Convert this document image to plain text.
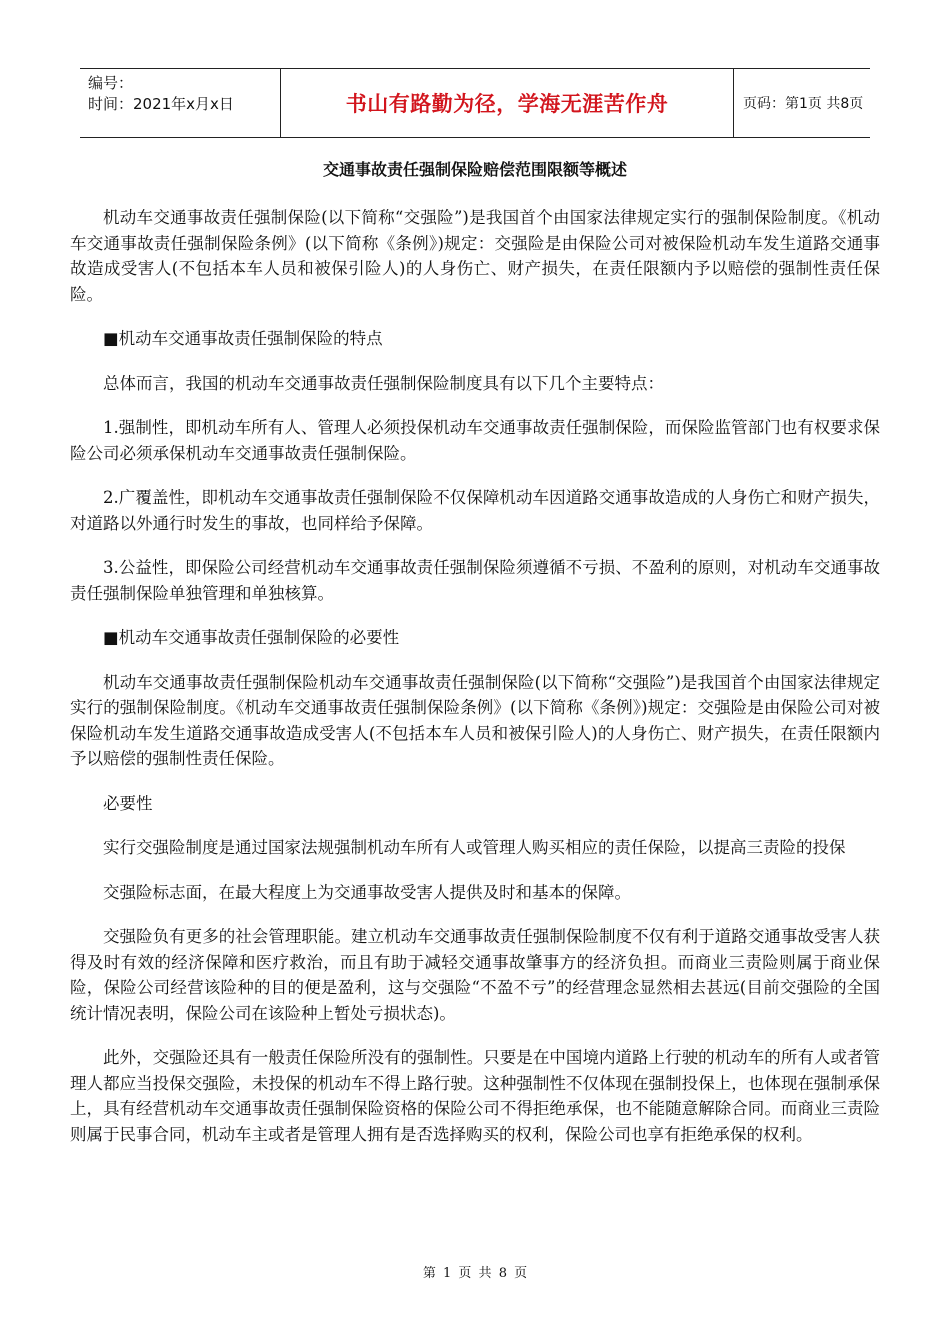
编号：
时间：2021年x月x日	书山有路勤为径，学海无涯苦作舟	页码：第1页 共8页
交通事故责任强制保险赔偿范围限额等概述

机动车交通事故责任强制保险(以下简称“交强险”)是我国首个由国家法律规定实行的强制保险制度。《机动车交通事故责任强制保险条例》(以下简称《条例》)规定：交强险是由保险公司对被保险机动车发生道路交通事故造成受害人(不包括本车人员和被保引险人)的人身伤亡、财产损失，在责任限额内予以赔偿的强制性责任保险。

■机动车交通事故责任强制保险的特点

总体而言，我国的机动车交通事故责任强制保险制度具有以下几个主要特点：

1.强制性，即机动车所有人、管理人必须投保机动车交通事故责任强制保险，而保险监管部门也有权要求保险公司必须承保机动车交通事故责任强制保险。

2.广覆盖性，即机动车交通事故责任强制保险不仅保障机动车因道路交通事故造成的人身伤亡和财产损失，对道路以外通行时发生的事故，也同样给予保障。

3.公益性，即保险公司经营机动车交通事故责任强制保险须遵循不亏损、不盈利的原则，对机动车交通事故责任强制保险单独管理和单独核算。

■机动车交通事故责任强制保险的必要性

机动车交通事故责任强制保险机动车交通事故责任强制保险(以下简称“交强险”)是我国首个由国家法律规定实行的强制保险制度。《机动车交通事故责任强制保险条例》(以下简称《条例》)规定：交强险是由保险公司对被保险机动车发生道路交通事故造成受害人(不包括本车人员和被保引险人)的人身伤亡、财产损失，在责任限额内予以赔偿的强制性责任保险。

必要性

实行交强险制度是通过国家法规强制机动车所有人或管理人购买相应的责任保险，以提高三责险的投保

交强险标志面，在最大程度上为交通事故受害人提供及时和基本的保障。

交强险负有更多的社会管理职能。建立机动车交通事故责任强制保险制度不仅有利于道路交通事故受害人获得及时有效的经济保障和医疗救治，而且有助于减轻交通事故肇事方的经济负担。而商业三责险则属于商业保险，保险公司经营该险种的目的便是盈利，这与交强险“不盈不亏”的经营理念显然相去甚远(目前交强险的全国统计情况表明，保险公司在该险种上暂处亏损状态)。

此外，交强险还具有一般责任保险所没有的强制性。只要是在中国境内道路上行驶的机动车的所有人或者管理人都应当投保交强险，未投保的机动车不得上路行驶。这种强制性不仅体现在强制投保上，也体现在强制承保上，具有经营机动车交通事故责任强制保险资格的保险公司不得拒绝承保，也不能随意解除合同。而商业三责险则属于民事合同，机动车主或者是管理人拥有是否选择购买的权利，保险公司也享有拒绝承保的权利。

第 1 页 共 8 页
